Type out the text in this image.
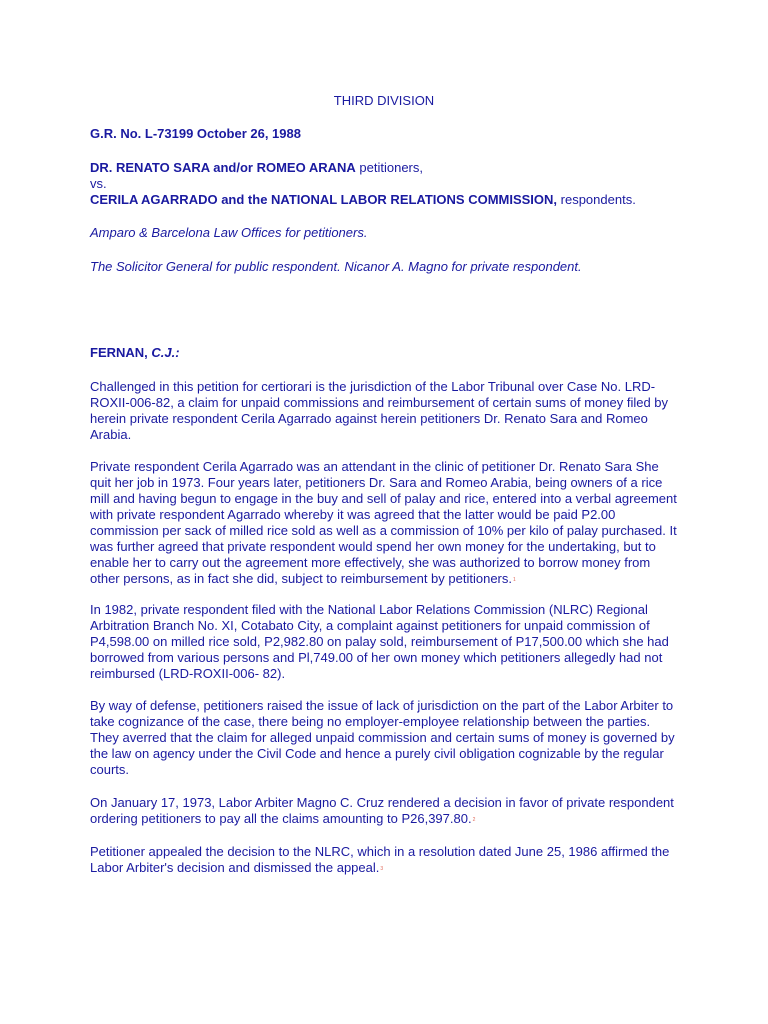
THIRD DIVISION

G.R. No. L-73199 October 26, 1988

DR. RENATO SARA and/or ROMEO ARANA petitioners,
vs.
CERILA AGARRADO and the NATIONAL LABOR RELATIONS COMMISSION, respondents.

Amparo & Barcelona Law Offices for petitioners.

The Solicitor General for public respondent. Nicanor A. Magno for private respondent.

FERNAN, C.J.:

Challenged in this petition for certiorari is the jurisdiction of the Labor Tribunal over Case No. LRD-ROXII-006-82, a claim for unpaid commissions and reimbursement of certain sums of money filed by herein private respondent Cerila Agarrado against herein petitioners Dr. Renato Sara and Romeo Arabia.

Private respondent Cerila Agarrado was an attendant in the clinic of petitioner Dr. Renato Sara She quit her job in 1973. Four years later, petitioners Dr. Sara and Romeo Arabia, being owners of a rice mill and having begun to engage in the buy and sell of palay and rice, entered into a verbal agreement with private respondent Agarrado whereby it was agreed that the latter would be paid P2.00 commission per sack of milled rice sold as well as a commission of 10% per kilo of palay purchased. It was further agreed that private respondent would spend her own money for the undertaking, but to enable her to carry out the agreement more effectively, she was authorized to borrow money from other persons, as in fact she did, subject to reimbursement by petitioners.$^1$

In 1982, private respondent filed with the National Labor Relations Commission (NLRC) Regional Arbitration Branch No. XI, Cotabato City, a complaint against petitioners for unpaid commission of P4,598.00 on milled rice sold, P2,982.80 on palay sold, reimbursement of P17,500.00 which she had borrowed from various persons and Pl,749.00 of her own money which petitioners allegedly had not reimbursed (LRD-ROXII-006- 82).

By way of defense, petitioners raised the issue of lack of jurisdiction on the part of the Labor Arbiter to take cognizance of the case, there being no employer-employee relationship between the parties. They averred that the claim for alleged unpaid commission and certain sums of money is governed by the law on agency under the Civil Code and hence a purely civil obligation cognizable by the regular courts.

On January 17, 1973, Labor Arbiter Magno C. Cruz rendered a decision in favor of private respondent ordering petitioners to pay all the claims amounting to P26,397.80.$^2$

Petitioner appealed the decision to the NLRC, which in a resolution dated June 25, 1986 affirmed the Labor Arbiter's decision and dismissed the appeal.$^3$
